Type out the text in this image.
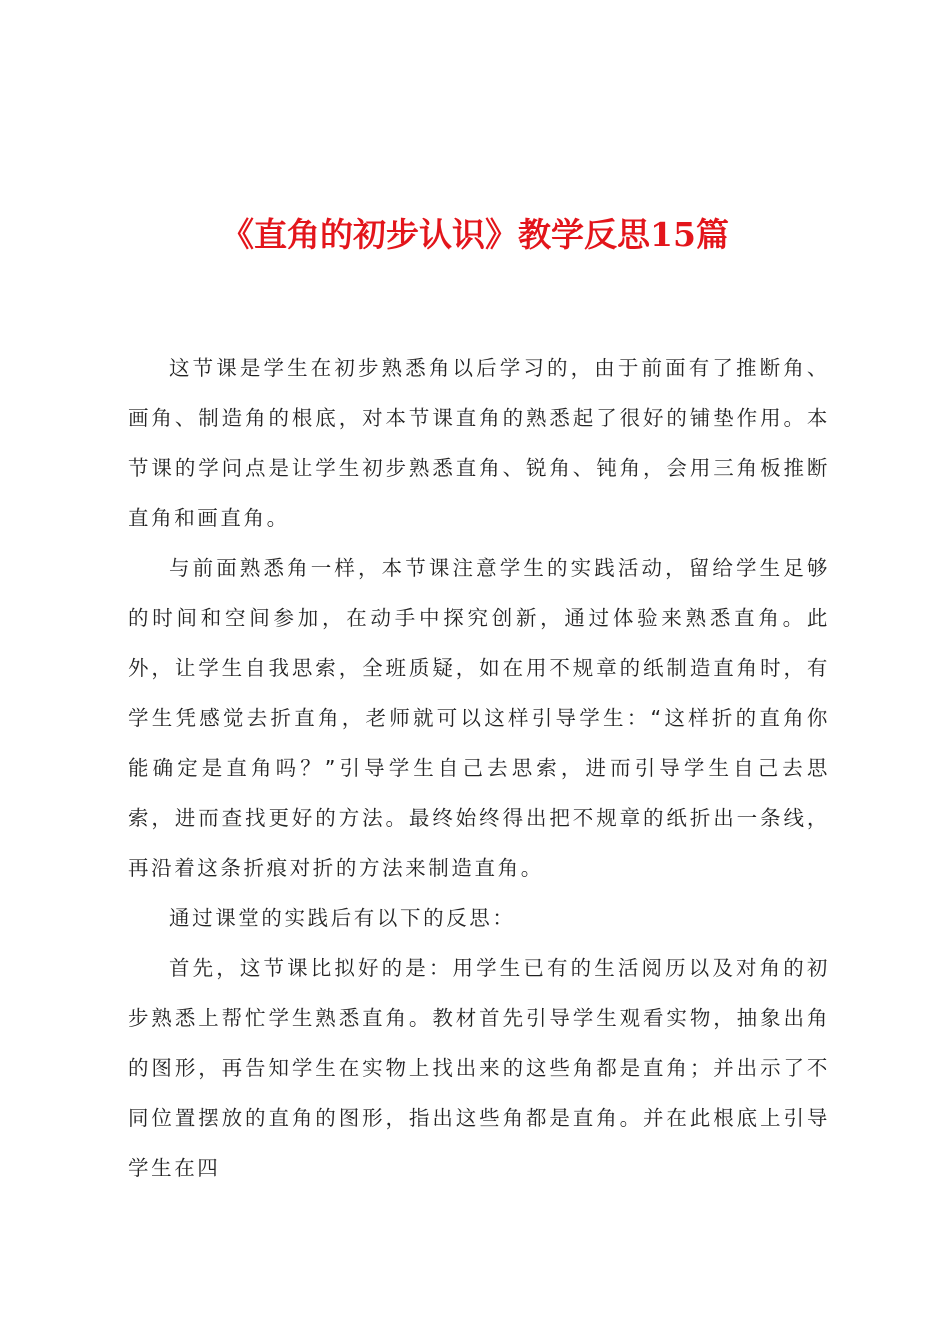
《直角的初步认识》教学反思15篇

这节课是学生在初步熟悉角以后学习的，由于前面有了推断角、画角、制造角的根底，对本节课直角的熟悉起了很好的铺垫作用。本节课的学问点是让学生初步熟悉直角、锐角、钝角，会用三角板推断直角和画直角。

与前面熟悉角一样，本节课注意学生的实践活动，留给学生足够的时间和空间参加，在动手中探究创新，通过体验来熟悉直角。此外，让学生自我思索，全班质疑，如在用不规章的纸制造直角时，有学生凭感觉去折直角，老师就可以这样引导学生：“这样折的直角你能确定是直角吗？”引导学生自己去思索，进而引导学生自己去思索，进而查找更好的方法。最终始终得出把不规章的纸折出一条线，再沿着这条折痕对折的方法来制造直角。

通过课堂的实践后有以下的反思：

首先，这节课比拟好的是：用学生已有的生活阅历以及对角的初步熟悉上帮忙学生熟悉直角。教材首先引导学生观看实物，抽象出角的图形，再告知学生在实物上找出来的这些角都是直角；并出示了不同位置摆放的直角的图形，指出这些角都是直角。并在此根底上引导学生在四
